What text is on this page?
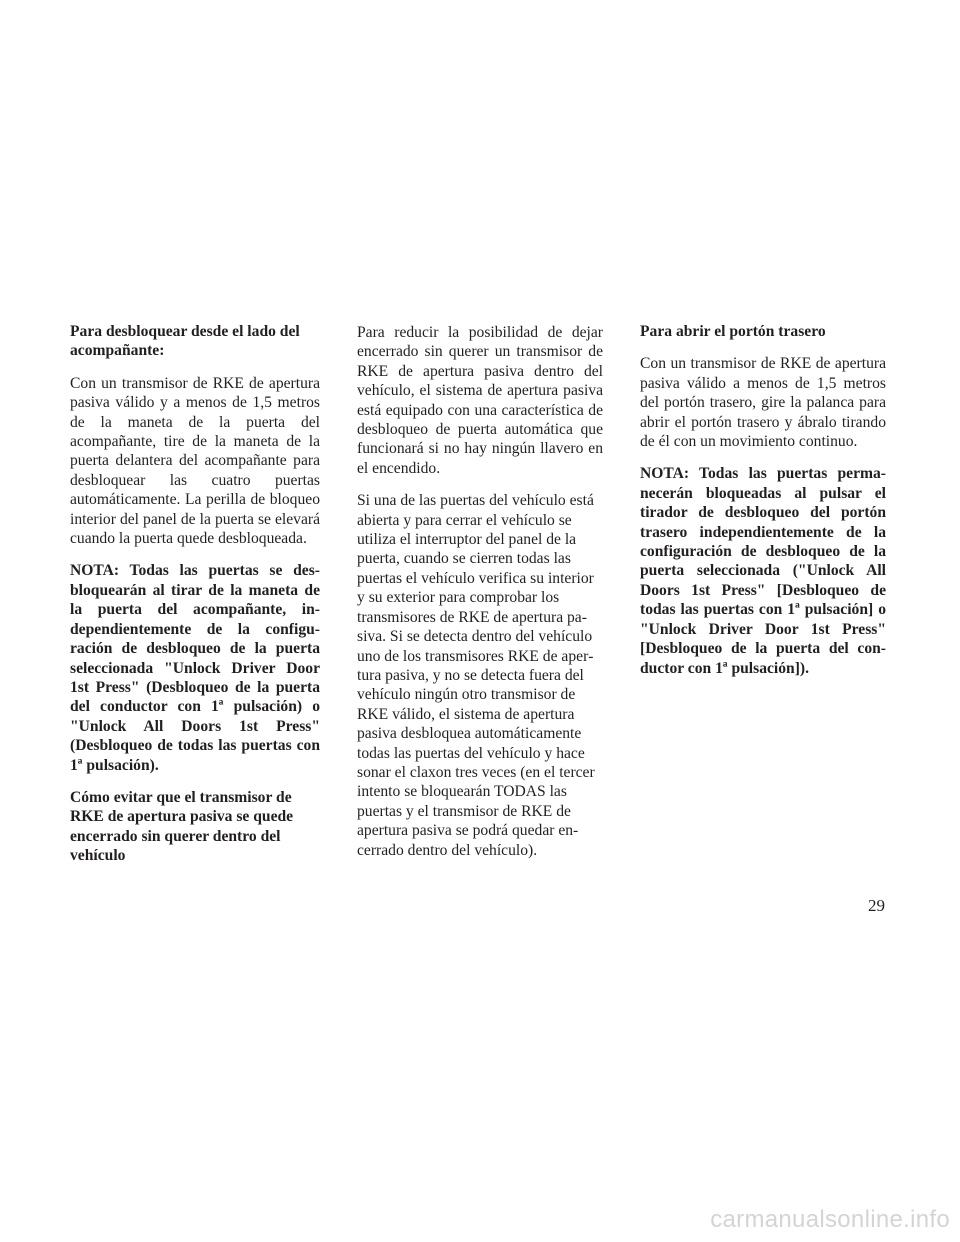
Para desbloquear desde el lado del acompañante:

Con un transmisor de RKE de apertura pasiva válido y a menos de 1,5 metros de la maneta de la puerta del acompañante, tire de la maneta de la puerta delantera del acompañante para desbloquear las cuatro puertas automáticamente. La perilla de bloqueo interior del panel de la puerta se elevará cuando la puerta quede desbloqueada.

NOTA: Todas las puertas se desbloquearán al tirar de la maneta de la puerta del acompañante, independientemente de la configuración de desbloqueo de la puerta seleccionada "Unlock Driver Door 1st Press" (Desbloqueo de la puerta del conductor con 1ª pulsación) o "Unlock All Doors 1st Press" (Desbloqueo de todas las puertas con 1ª pulsación).

Cómo evitar que el transmisor de RKE de apertura pasiva se quede encerrado sin querer dentro del vehículo

Para reducir la posibilidad de dejar encerrado sin querer un transmisor de RKE de apertura pasiva dentro del vehículo, el sistema de apertura pasiva está equipado con una característica de desbloqueo de puerta automática que funcionará si no hay ningún llavero en el encendido.

Si una de las puertas del vehículo está abierta y para cerrar el vehículo se utiliza el interruptor del panel de la puerta, cuando se cierren todas las puertas el vehículo verifica su interior y su exterior para comprobar los transmisores de RKE de apertura pasiva. Si se detecta dentro del vehículo uno de los transmisores RKE de apertura pasiva, y no se detecta fuera del vehículo ningún otro transmisor de RKE válido, el sistema de apertura pasiva desbloquea automáticamente todas las puertas del vehículo y hace sonar el claxon tres veces (en el tercer intento se bloquearán TODAS las puertas y el transmisor de RKE de apertura pasiva se podrá quedar encerrado dentro del vehículo).

Para abrir el portón trasero

Con un transmisor de RKE de apertura pasiva válido a menos de 1,5 metros del portón trasero, gire la palanca para abrir el portón trasero y ábralo tirando de él con un movimiento continuo.

NOTA: Todas las puertas permanecerán bloqueadas al pulsar el tirador de desbloqueo del portón trasero independientemente de la configuración de desbloqueo de la puerta seleccionada ("Unlock All Doors 1st Press" [Desbloqueo de todas las puertas con 1ª pulsación] o "Unlock Driver Door 1st Press" [Desbloqueo de la puerta del conductor con 1ª pulsación]).

29
carmanualsonline.info
